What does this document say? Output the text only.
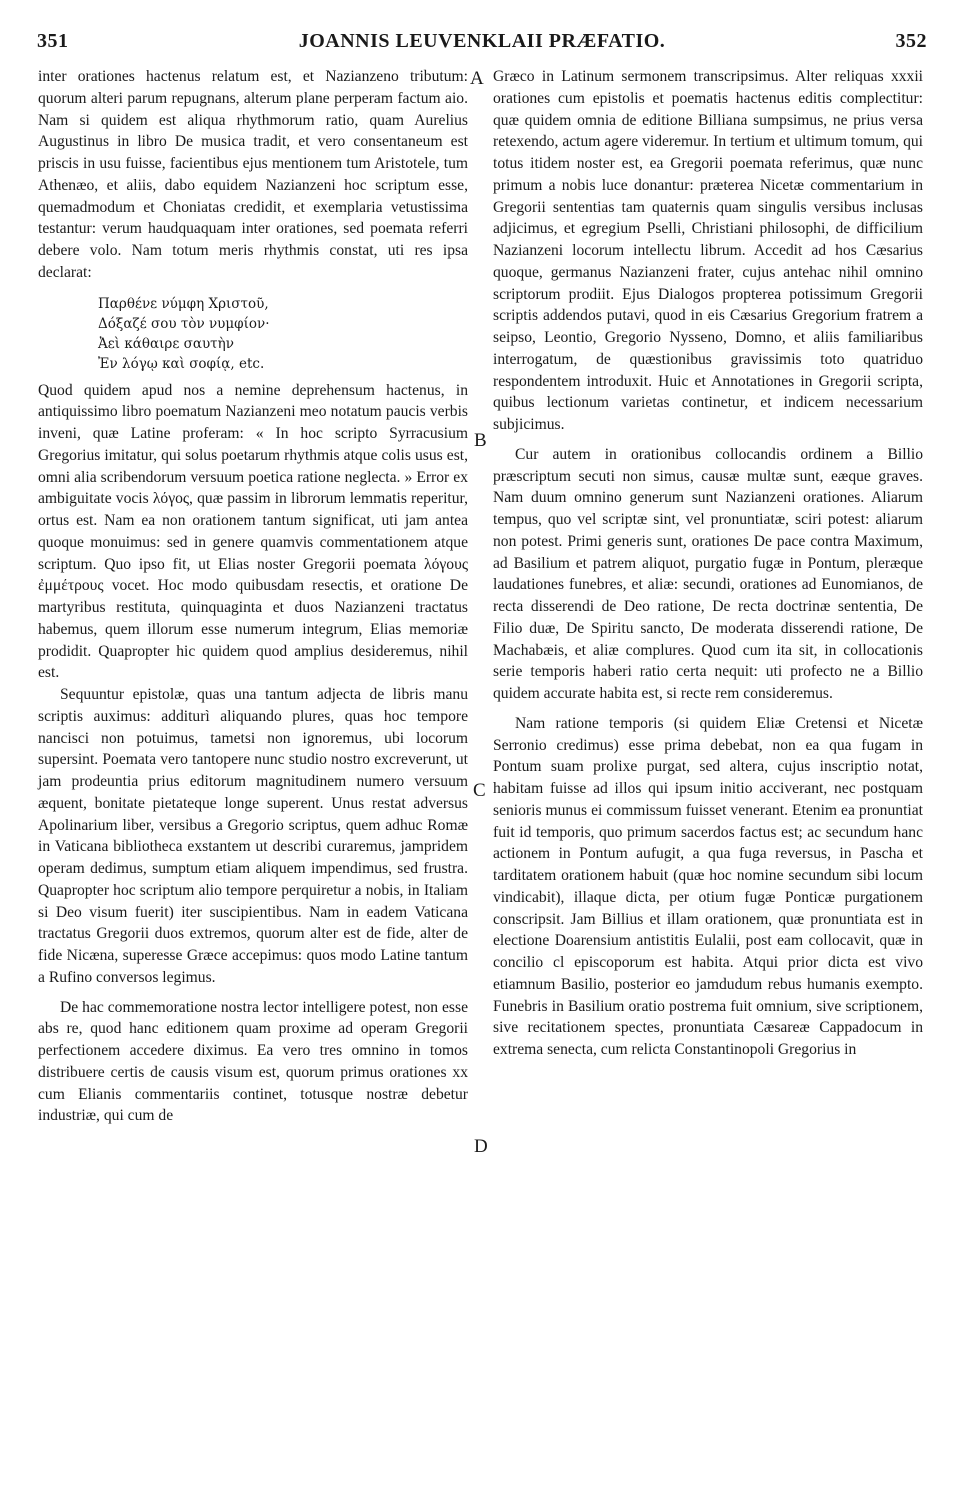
351	JOANNIS LEUVENKLAII PRÆFATIO.	352
A
B
C
D

inter orationes hactenus relatum est, et Nazianzeno tributum: quorum alteri parum repugnans, alterum plane perperam factum aio. Nam si quidem est aliqua rhythmorum ratio, quam Aurelius Augustinus in libro De musica tradit, et vero consentaneum est priscis in usu fuisse, facientibus ejus mentionem tum Aristotele, tum Athenæo, et aliis, dabo equidem Nazianzeni hoc scriptum esse, quemadmodum et Choniatas credidit, et exemplaria vetustissima testantur: verum haudquaquam inter orationes, sed poemata referri debere volo. Nam totum meris rhythmis constat, uti res ipsa declarat:

Παρθένε νύμφη Χριστοῦ,
Δόξαζέ σου τὸν νυμφίον·
Ἀεὶ κάθαιρε σαυτὴν
Ἐν λόγῳ καὶ σοφίᾳ, etc.

Quod quidem apud nos a nemine deprehensum hactenus, in antiquissimo libro poematum Nazianzeni meo notatum paucis verbis inveni, quæ Latine proferam: « In hoc scripto Syrracusium Gregorius imitatur, qui solus poetarum rhythmis atque colis usus est, omni alia scribendorum versuum poetica ratione neglecta. » Error ex ambiguitate vocis λόγος, quæ passim in librorum lemmatis reperitur, ortus est. Nam ea non orationem tantum significat, uti jam antea quoque monuimus: sed in genere quamvis commentationem atque scriptum. Quo ipso fit, ut Elias noster Gregorii poemata λόγους ἐμμέτρους vocet. Hoc modo quibusdam resectis, et oratione De martyribus restituta, quinquaginta et duos Nazianzeni tractatus habemus, quem illorum esse numerum integrum, Elias memoriæ prodidit. Quapropter hic quidem quod amplius desideremus, nihil est.

Sequuntur epistolæ, quas una tantum adjecta de libris manu scriptis auximus: additurì aliquando plures, quas hoc tempore nancisci non potuimus, tametsi non ignoremus, ubi locorum supersint. Poemata vero tantopere nunc studio nostro excreverunt, ut jam prodeuntia prius editorum magnitudinem numero versuum æquent, bonitate pietateque longe superent. Unus restat adversus Apolinarium liber, versibus a Gregorio scriptus, quem adhuc Romæ in Vaticana bibliotheca exstantem ut describi curaremus, jampridem operam dedimus, sumptum etiam aliquem impendimus, sed frustra. Quapropter hoc scriptum alio tempore perquiretur a nobis, in Italiam si Deo visum fuerit) iter suscipientibus. Nam in eadem Vaticana tractatus Gregorii duos extremos, quorum alter est de fide, alter de fide Nicæna, superesse Græce accepimus: quos modo Latine tantum a Rufino conversos legimus.

De hac commemoratione nostra lector intelligere potest, non esse abs re, quod hanc editionem quam proxime ad operam Gregorii perfectionem accedere diximus. Ea vero tres omnino in tomos distribuere certis de causis visum est, quorum primus orationes xx cum Elianis commentariis continet, totusque nostræ debetur industriæ, qui cum de

Græco in Latinum sermonem transcripsimus. Alter reliquas xxxii orationes cum epistolis et poematis hactenus editis complectitur: quæ quidem omnia de editione Billiana sumpsimus, ne prius versa retexendo, actum agere videremur. In tertium et ultimum tomum, qui totus itidem noster est, ea Gregorii poemata referimus, quæ nunc primum a nobis luce donantur: præterea Nicetæ commentarium in Gregorii sententias tam quaternis quam singulis versibus inclusas adjicimus, et egregium Pselli, Christiani philosophi, de difficilium Nazianzeni locorum intellectu librum. Accedit ad hos Cæsarius quoque, germanus Nazianzeni frater, cujus antehac nihil omnino scriptorum prodiit. Ejus Dialogos propterea potissimum Gregorii scriptis addendos putavi, quod in eis Cæsarius Gregorium fratrem a seipso, Leontio, Gregorio Nysseno, Domno, et aliis familiaribus interrogatum, de quæstionibus gravissimis toto quatriduo respondentem introduxit. Huic et Annotationes in Gregorii scripta, quibus lectionum varietas continetur, et indicem necessarium subjicimus.

Cur autem in orationibus collocandis ordinem a Billio præscriptum secuti non simus, causæ multæ sunt, eæque graves. Nam duum omnino generum sunt Nazianzeni orationes. Aliarum tempus, quo vel scriptæ sint, vel pronuntiatæ, sciri potest: aliarum non potest. Primi generis sunt, orationes De pace contra Maximum, ad Basilium et patrem aliquot, purgatio fugæ in Pontum, pleræque laudationes funebres, et aliæ: secundi, orationes ad Eunomianos, de recta disserendi de Deo ratione, De recta doctrinæ sententia, De Filio duæ, De Spiritu sancto, De moderata disserendi ratione, De Machabæis, et aliæ complures. Quod cum ita sit, in collocationis serie temporis haberi ratio certa nequit: uti profecto ne a Billio quidem accurate habita est, si recte rem consideremus.

Nam ratione temporis (si quidem Eliæ Cretensi et Nicetæ Serronio credimus) esse prima debebat, non ea qua fugam in Pontum suam prolixe purgat, sed altera, cujus inscriptio notat, habitam fuisse ad illos qui ipsum initio acciverant, nec postquam senioris munus ei commissum fuisset venerant. Etenim ea pronuntiat fuit id temporis, quo primum sacerdos factus est; ac secundum hanc actionem in Pontum aufugit, a qua fuga reversus, in Pascha et tarditatem orationem habuit (quæ hoc nomine secundum sibi locum vindicabit), illaque dicta, per otium fugæ Ponticæ purgationem conscripsit. Jam Billius et illam orationem, quæ pronuntiata est in electione Doarensium antistitis Eulalii, post eam collocavit, quæ in concilio cl episcoporum est habita. Atqui prior dicta est vivo etiamnum Basilio, posterior eo jamdudum rebus humanis exempto. Funebris in Basilium oratio postrema fuit omnium, sive scriptionem, sive recitationem spectes, pronuntiata Cæsareæ Cappadocum in extrema senecta, cum relicta Constantinopoli Gregorius in
